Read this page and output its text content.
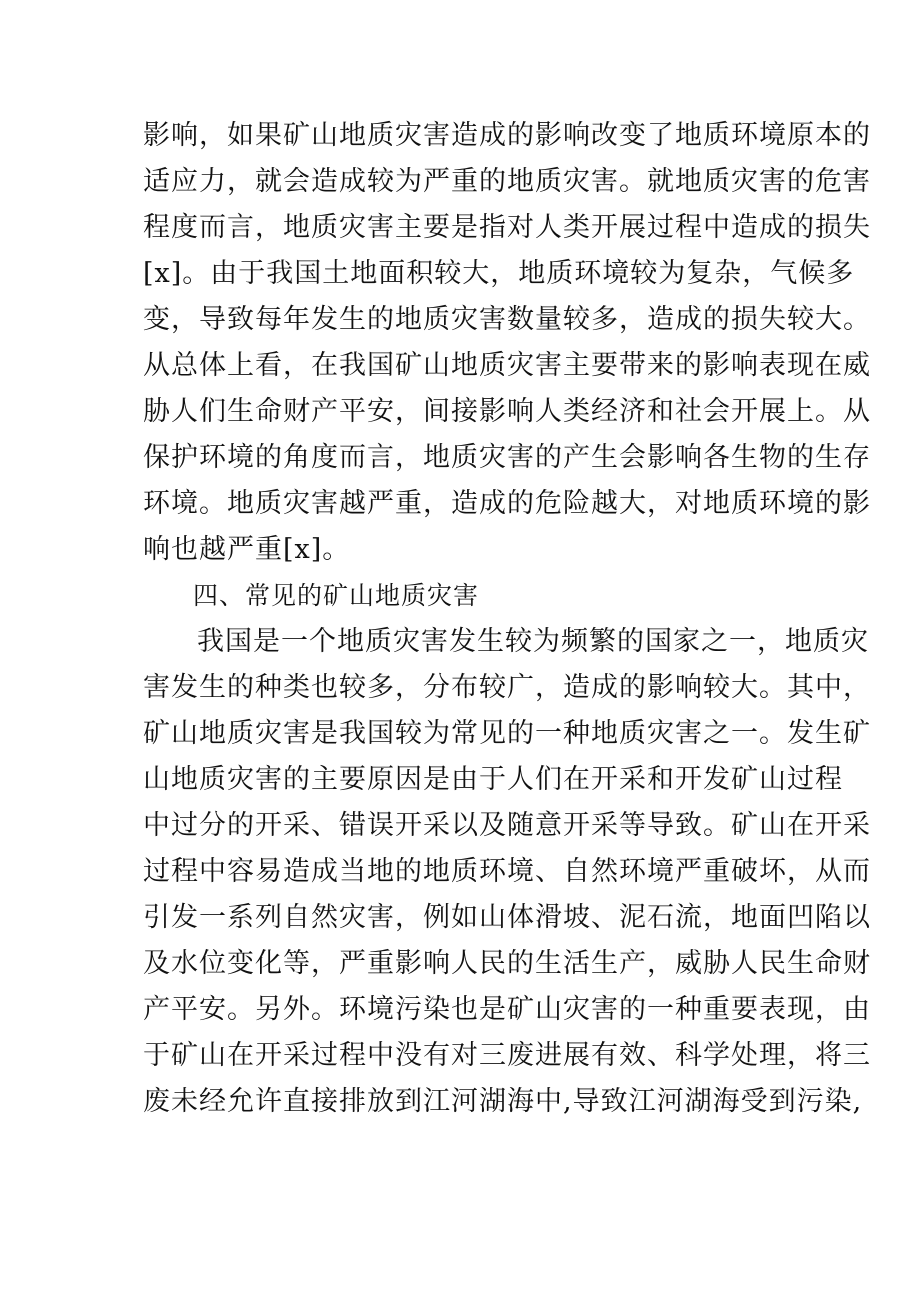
影响，如果矿山地质灾害造成的影响改变了地质环境原本的
适应力，就会造成较为严重的地质灾害。就地质灾害的危害
程度而言，地质灾害主要是指对人类开展过程中造成的损失
[x]。由于我国土地面积较大，地质环境较为复杂，气候多
变，导致每年发生的地质灾害数量较多，造成的损失较大。
从总体上看，在我国矿山地质灾害主要带来的影响表现在威
胁人们生命财产平安，间接影响人类经济和社会开展上。从
保护环境的角度而言，地质灾害的产生会影响各生物的生存
环境。地质灾害越严重，造成的危险越大，对地质环境的影
响也越严重[x]。
四、常见的矿山地质灾害
我国是一个地质灾害发生较为频繁的国家之一，地质灾
害发生的种类也较多，分布较广，造成的影响较大。其中，
矿山地质灾害是我国较为常见的一种地质灾害之一。发生矿
山地质灾害的主要原因是由于人们在开采和开发矿山过程
中过分的开采、错误开采以及随意开采等导致。矿山在开采
过程中容易造成当地的地质环境、自然环境严重破坏，从而
引发一系列自然灾害，例如山体滑坡、泥石流，地面凹陷以
及水位变化等，严重影响人民的生活生产，威胁人民生命财
产平安。另外。环境污染也是矿山灾害的一种重要表现，由
于矿山在开采过程中没有对三废进展有效、科学处理，将三
废未经允许直接排放到江河湖海中,导致江河湖海受到污染,
